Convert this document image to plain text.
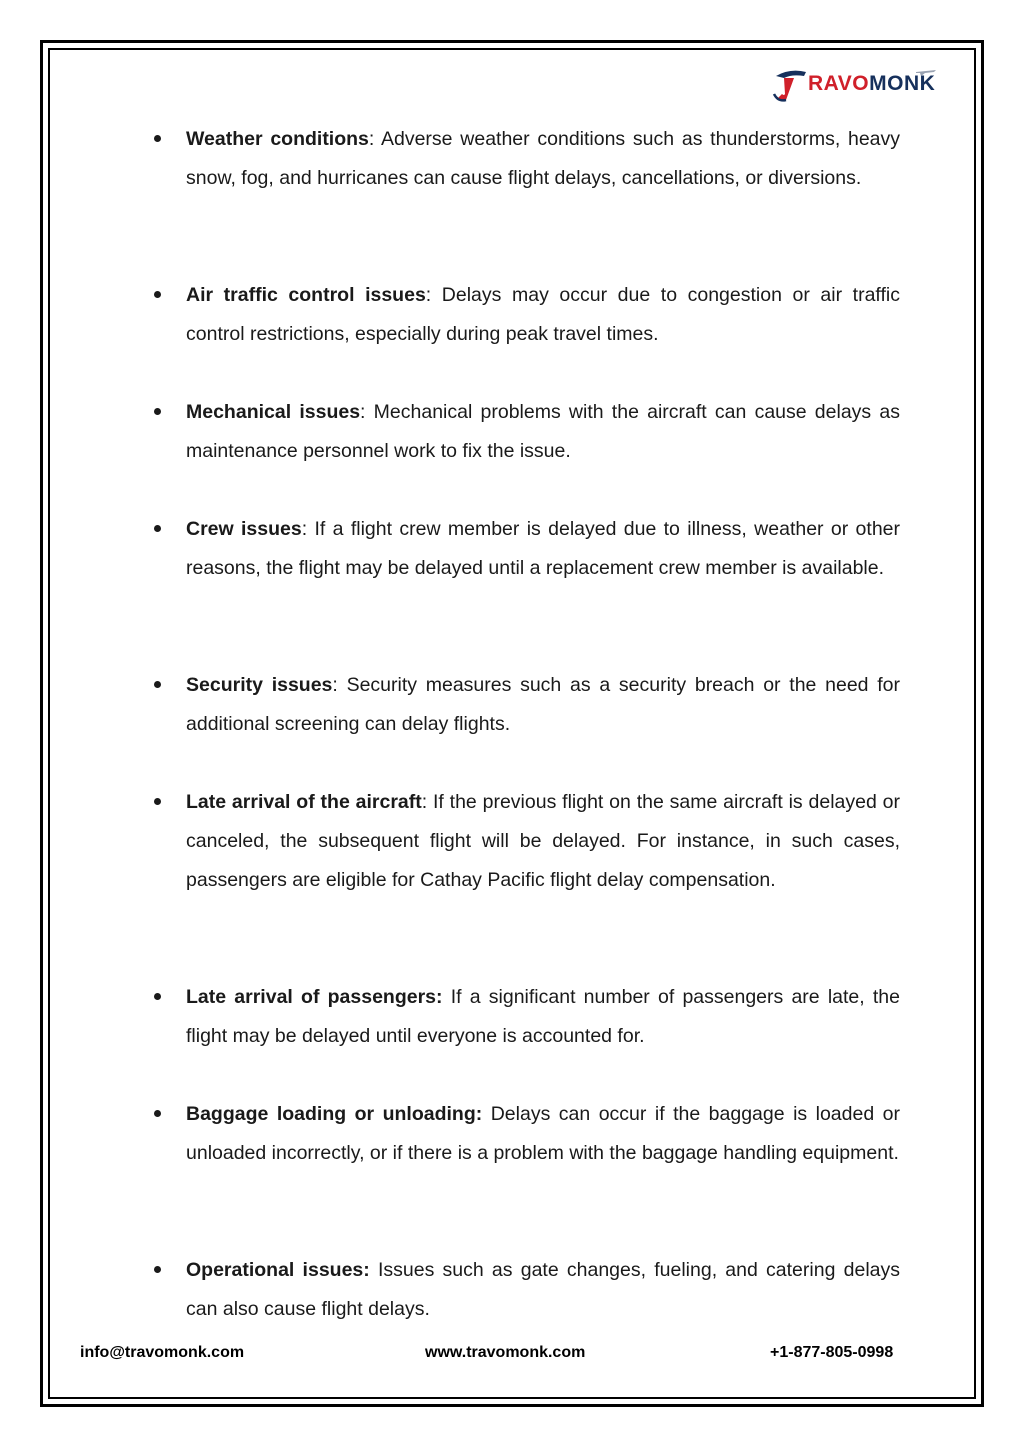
RAVOMONK
Weather conditions: Adverse weather conditions such as thunderstorms, heavy snow, fog, and hurricanes can cause flight delays, cancellations, or diversions.
Air traffic control issues: Delays may occur due to congestion or air traffic control restrictions, especially during peak travel times.
Mechanical issues: Mechanical problems with the aircraft can cause delays as maintenance personnel work to fix the issue.
Crew issues: If a flight crew member is delayed due to illness, weather or other reasons, the flight may be delayed until a replacement crew member is available.
Security issues: Security measures such as a security breach or the need for additional screening can delay flights.
Late arrival of the aircraft: If the previous flight on the same aircraft is delayed or canceled, the subsequent flight will be delayed. For instance, in such cases, passengers are eligible for Cathay Pacific flight delay compensation.
Late arrival of passengers: If a significant number of passengers are late, the flight may be delayed until everyone is accounted for.
Baggage loading or unloading: Delays can occur if the baggage is loaded or unloaded incorrectly, or if there is a problem with the baggage handling equipment.
Operational issues: Issues such as gate changes, fueling, and catering delays can also cause flight delays.
info@travomonk.com	www.travomonk.com	+1-877-805-0998
